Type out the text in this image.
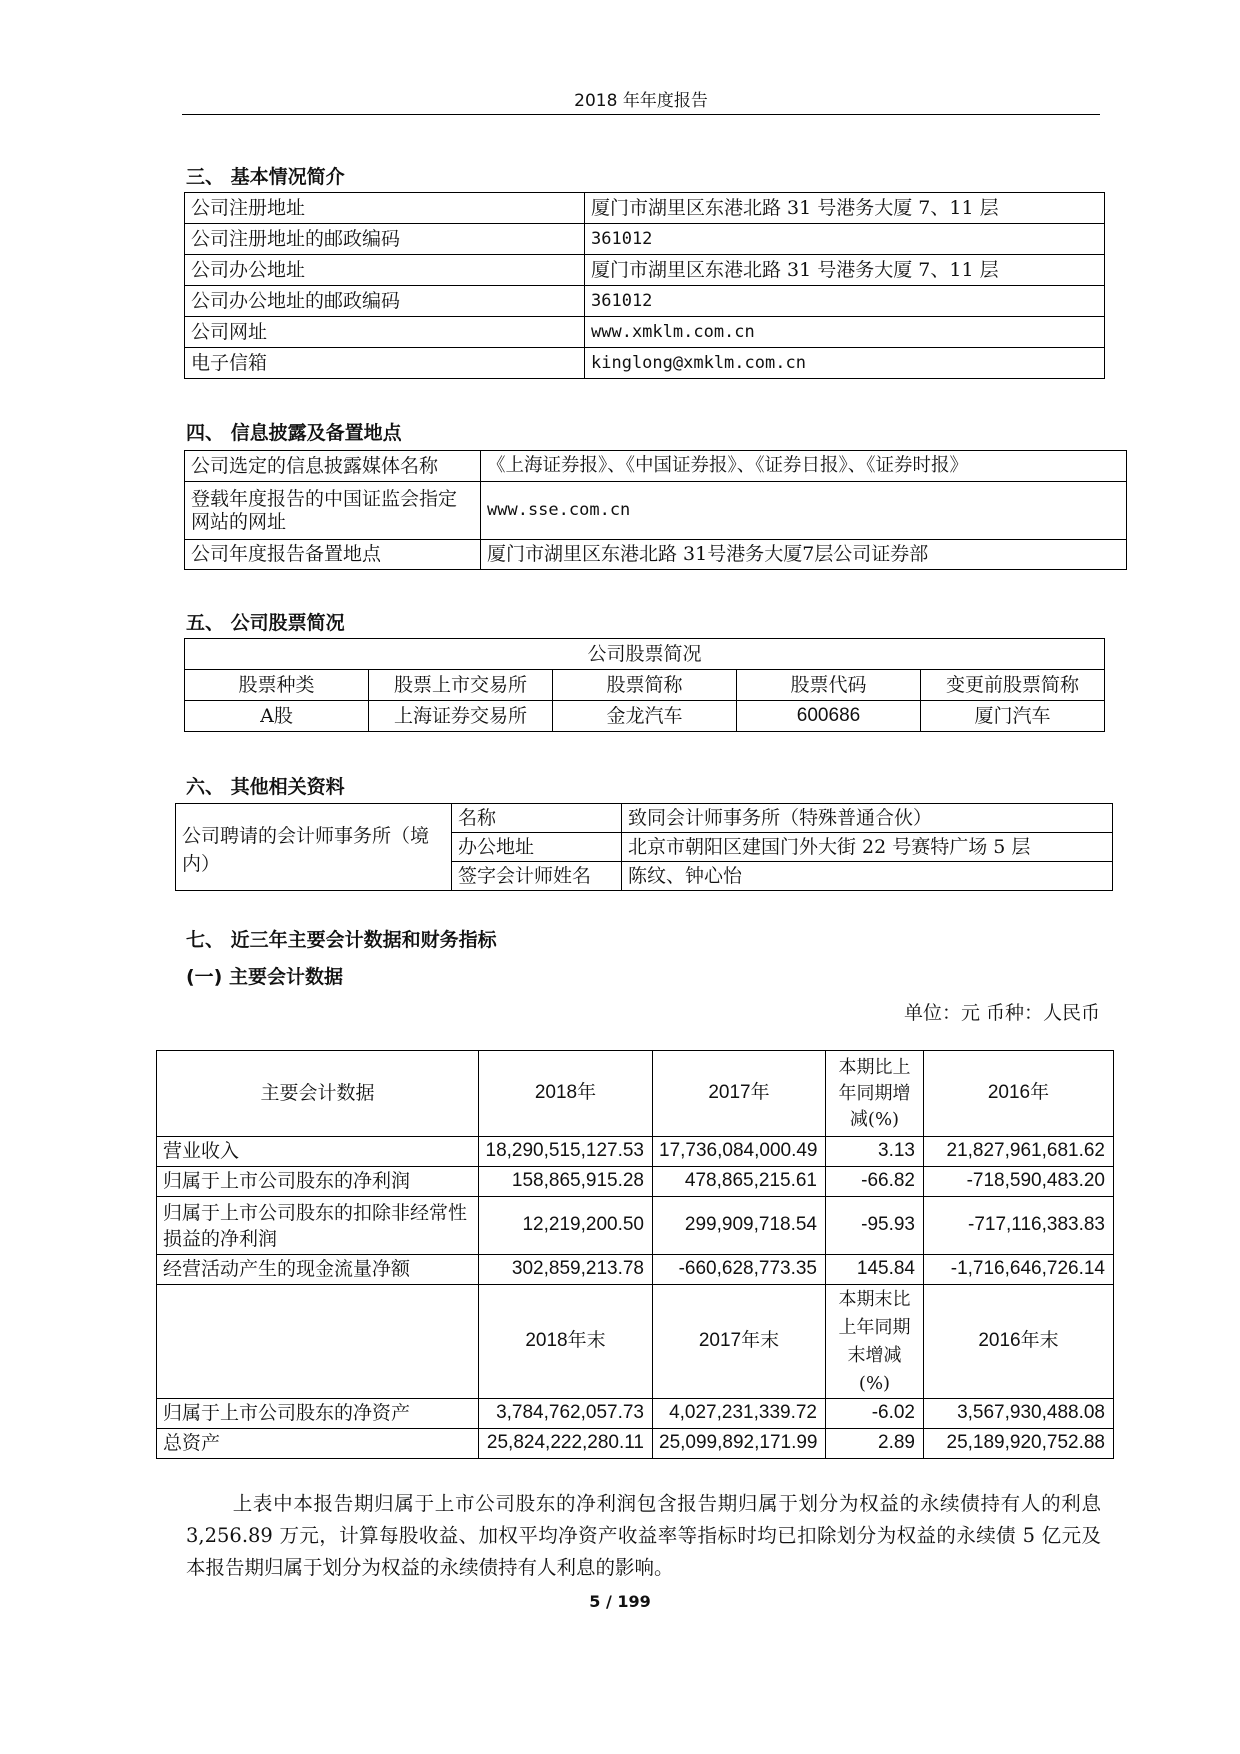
2018 年年度报告
三、 基本情况简介
公司注册地址	厦门市湖里区东港北路 31 号港务大厦 7、11 层
公司注册地址的邮政编码	361012
公司办公地址	厦门市湖里区东港北路 31 号港务大厦 7、11 层
公司办公地址的邮政编码	361012
公司网址	www.xmklm.com.cn
电子信箱	kinglong@xmklm.com.cn
四、 信息披露及备置地点
公司选定的信息披露媒体名称	《上海证券报》、《中国证券报》、《证券日报》、《证券时报》
登载年度报告的中国证监会指定网站的网址	www.sse.com.cn
公司年度报告备置地点	厦门市湖里区东港北路 31号港务大厦7层公司证券部
五、 公司股票简况
公司股票简况				
股票种类	股票上市交易所	股票简称	股票代码	变更前股票简称
A股	上海证券交易所	金龙汽车	600686	厦门汽车
六、 其他相关资料
公司聘请的会计师事务所（境内）	名称	致同会计师事务所（特殊普通合伙）
	办公地址	北京市朝阳区建国门外大街 22 号赛特广场 5 层
	签字会计师姓名	陈纹、钟心怡
七、 近三年主要会计数据和财务指标
(一) 主要会计数据
单位：元 币种：人民币
主要会计数据	2018年	2017年	本期比上年同期增减(%)	2016年
营业收入	18,290,515,127.53	17,736,084,000.49	3.13	21,827,961,681.62
归属于上市公司股东的净利润	158,865,915.28	478,865,215.61	-66.82	-718,590,483.20
归属于上市公司股东的扣除非经常性损益的净利润	12,219,200.50	299,909,718.54	-95.93	-717,116,383.83
经营活动产生的现金流量净额	302,859,213.78	-660,628,773.35	145.84	-1,716,646,726.14
	2018年末	2017年末	本期末比上年同期末增减(%)	2016年末
归属于上市公司股东的净资产	3,784,762,057.73	4,027,231,339.72	-6.02	3,567,930,488.08
总资产	25,824,222,280.11	25,099,892,171.99	2.89	25,189,920,752.88
上表中本报告期归属于上市公司股东的净利润包含报告期归属于划分为权益的永续债持有人的利息 3,256.89 万元，计算每股收益、加权平均净资产收益率等指标时均已扣除划分为权益的永续债 5 亿元及本报告期归属于划分为权益的永续债持有人利息的影响。
5 / 199
